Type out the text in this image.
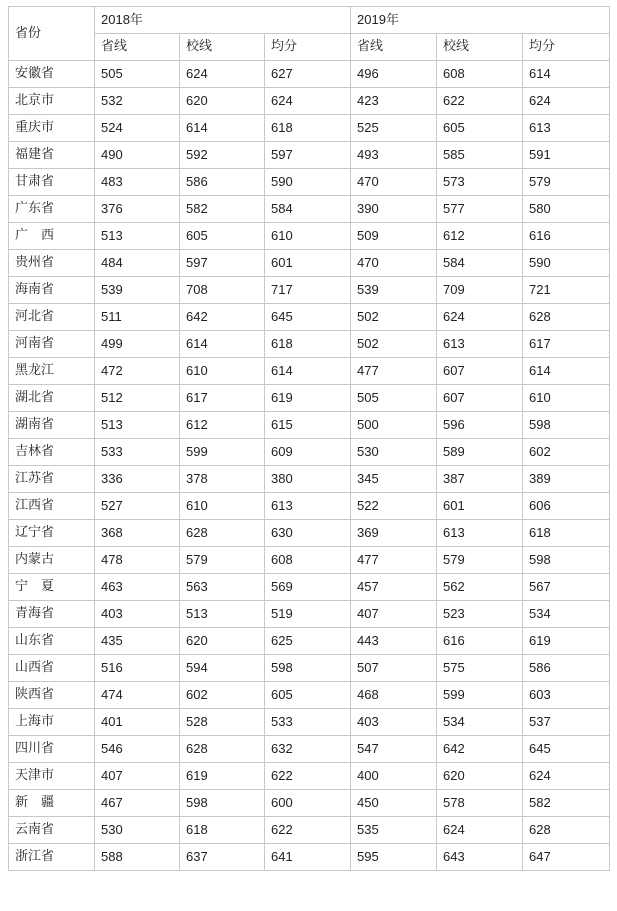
省份	2018年			2019年		
	省线	校线	均分	省线	校线	均分
安徽省	505	624	627	496	608	614
北京市	532	620	624	423	622	624
重庆市	524	614	618	525	605	613
福建省	490	592	597	493	585	591
甘肃省	483	586	590	470	573	579
广东省	376	582	584	390	577	580
广　西	513	605	610	509	612	616
贵州省	484	597	601	470	584	590
海南省	539	708	717	539	709	721
河北省	511	642	645	502	624	628
河南省	499	614	618	502	613	617
黑龙江	472	610	614	477	607	614
湖北省	512	617	619	505	607	610
湖南省	513	612	615	500	596	598
吉林省	533	599	609	530	589	602
江苏省	336	378	380	345	387	389
江西省	527	610	613	522	601	606
辽宁省	368	628	630	369	613	618
内蒙古	478	579	608	477	579	598
宁　夏	463	563	569	457	562	567
青海省	403	513	519	407	523	534
山东省	435	620	625	443	616	619
山西省	516	594	598	507	575	586
陕西省	474	602	605	468	599	603
上海市	401	528	533	403	534	537
四川省	546	628	632	547	642	645
天津市	407	619	622	400	620	624
新　疆	467	598	600	450	578	582
云南省	530	618	622	535	624	628
浙江省	588	637	641	595	643	647
